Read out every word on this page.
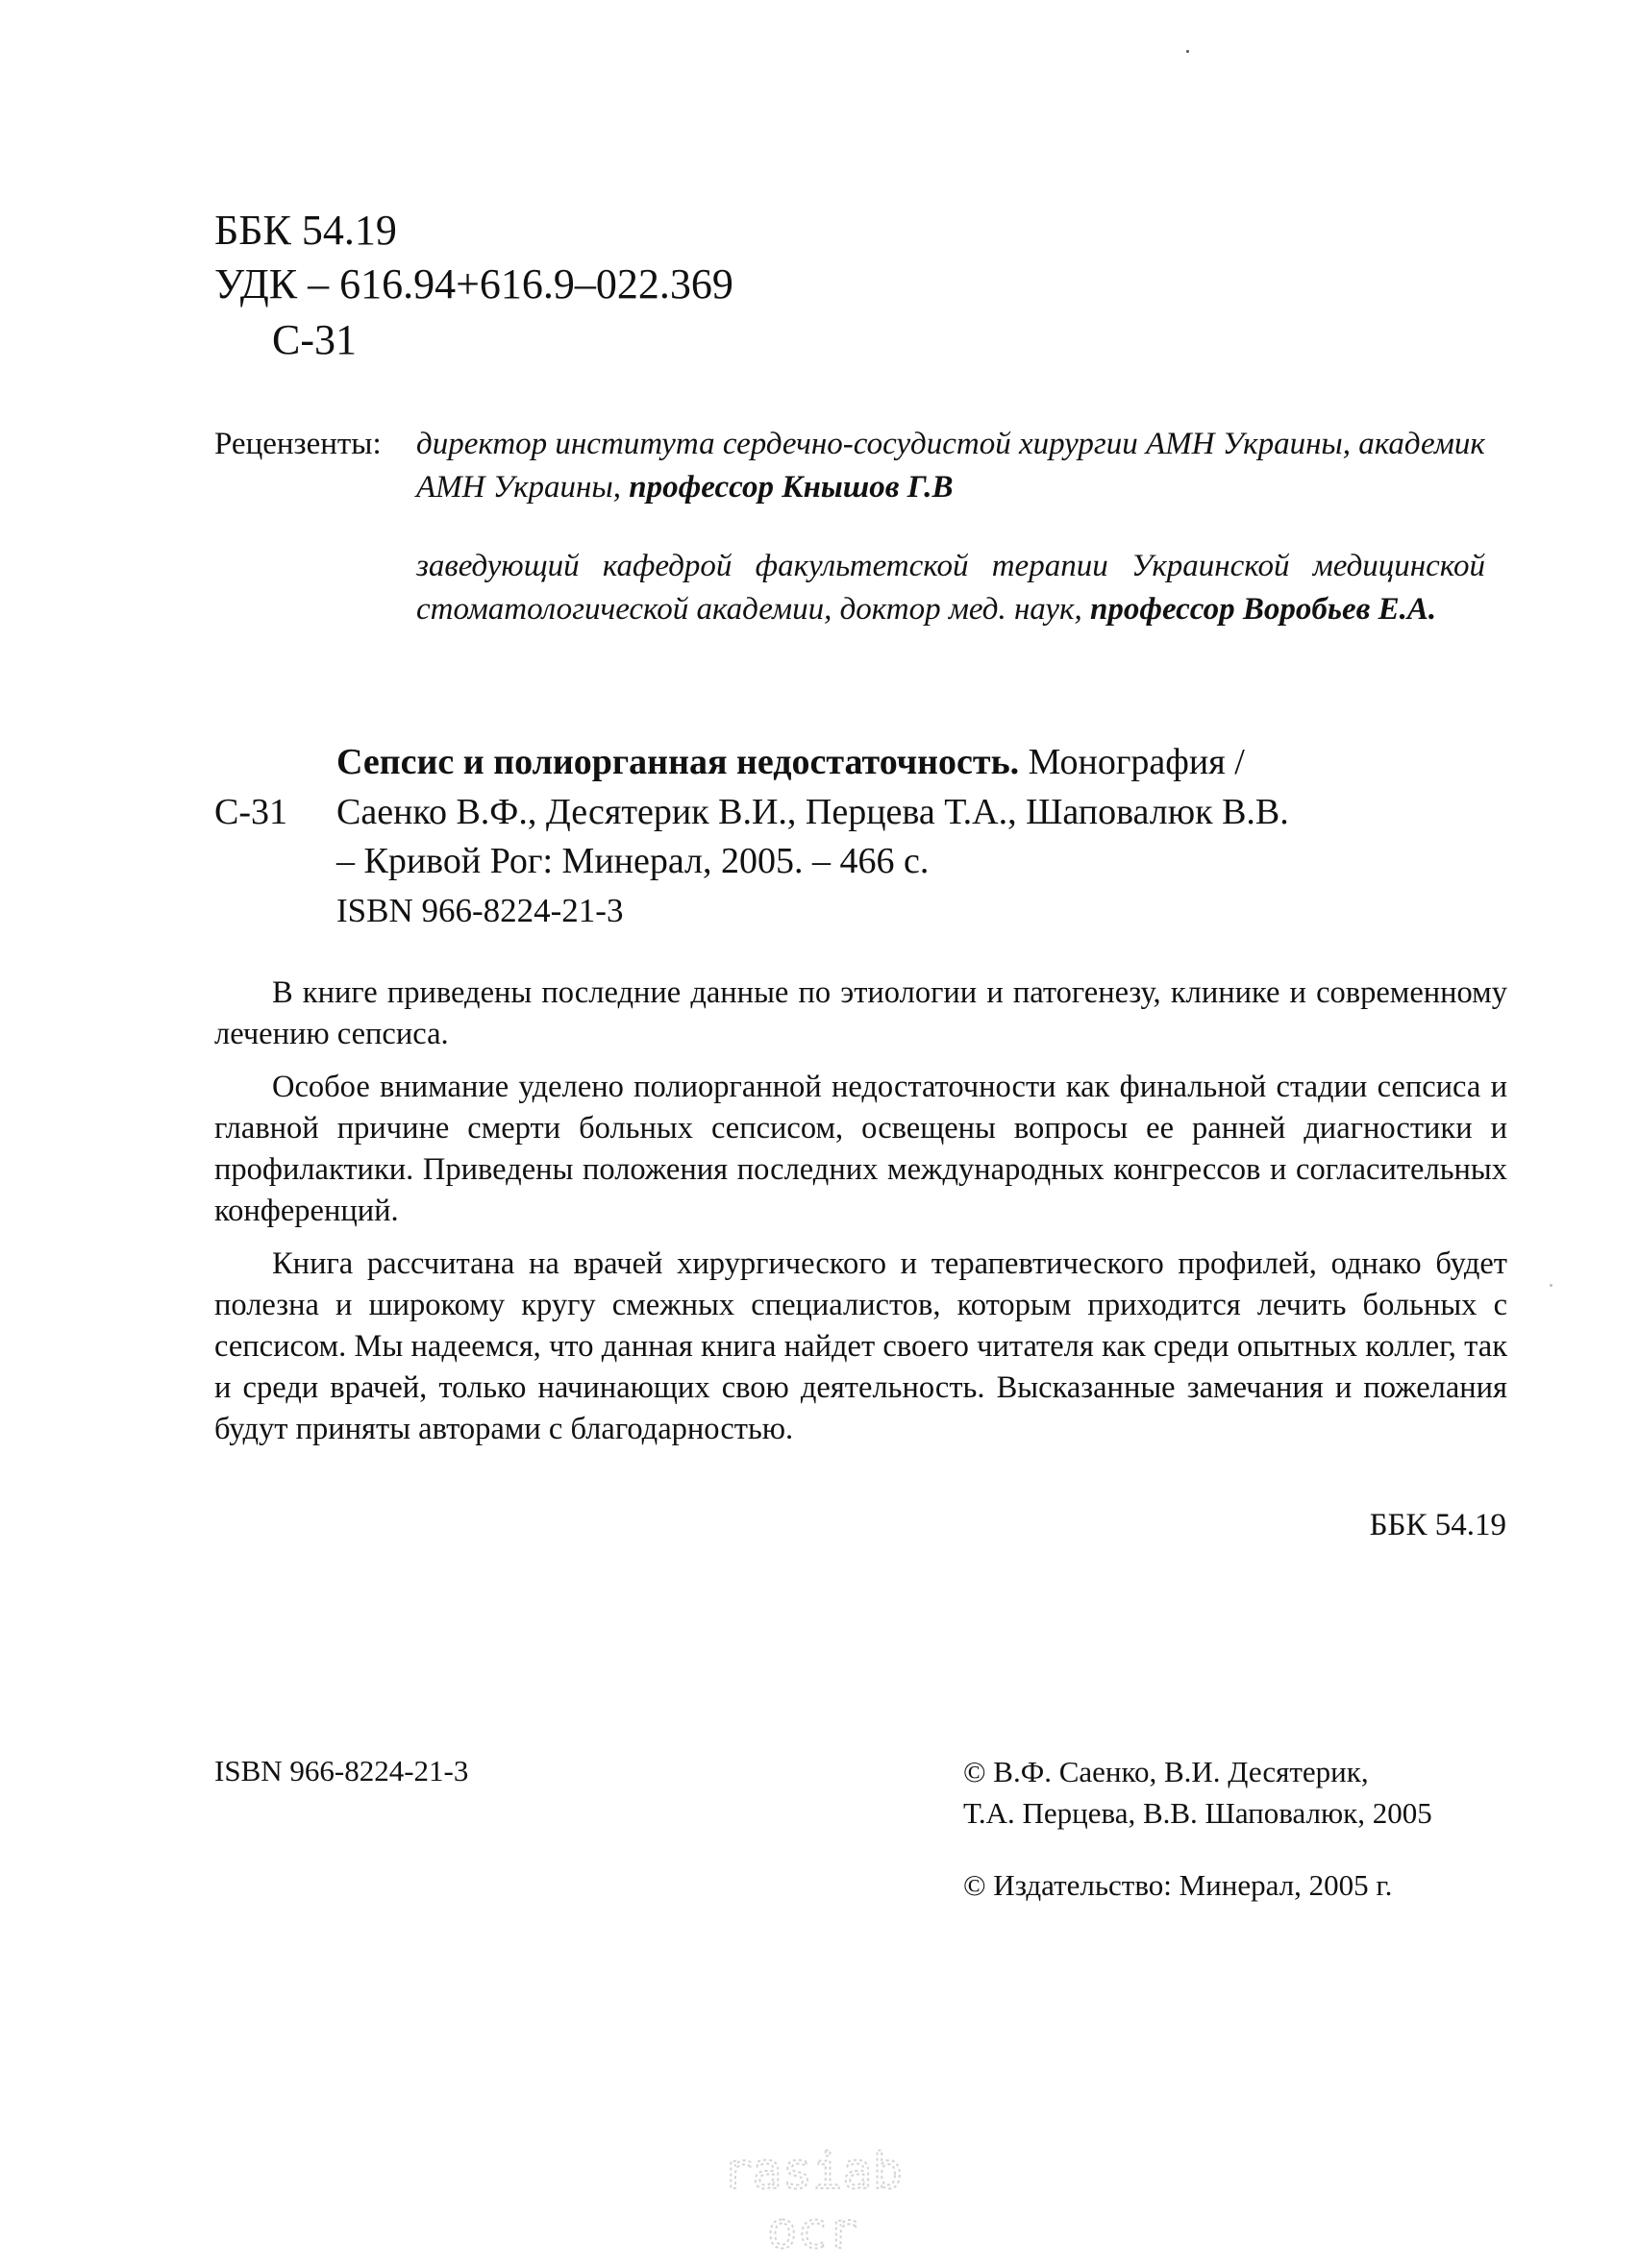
ББК 54.19
УДК – 616.94+616.9–022.369
С-31
Рецензенты: директор института сердечно-сосудистой хирургии АМН Украины, академик АМН Украины, профессор Кнышов Г.В
заведующий кафедрой факультетской терапии Украинской медицинской стоматологической академии, доктор мед. наук, профессор Воробьев Е.А.
Сепсис и полиорганная недостаточность. Монография /
С-31 Саенко В.Ф., Десятерик В.И., Перцева Т.А., Шаповалюк В.В.
– Кривой Рог: Минерал, 2005. – 466 с.
ISBN 966-8224-21-3

В книге приведены последние данные по этиологии и патогенезу, клинике и современному лечению сепсиса.

Особое внимание уделено полиорганной недостаточности как финальной стадии сепсиса и главной причине смерти больных сепсисом, освещены вопросы ее ранней диагностики и профилактики. Приведены положения последних международных конгрессов и согласительных конференций.

Книга рассчитана на врачей хирургического и терапевтического профилей, однако будет полезна и широкому кругу смежных специалистов, которым приходится лечить больных с сепсисом. Мы надеемся, что данная книга найдет своего читателя как среди опытных коллег, так и среди врачей, только начинающих свою деятельность. Высказанные замечания и пожелания будут приняты авторами с благодарностью.

ББК 54.19
ISBN 966-8224-21-3	© В.Ф. Саенко, В.И. Десятерик,
Т.А. Перцева, В.В. Шаповалюк, 2005
© Издательство: Минерал, 2005 г.
rasiab
ocr
